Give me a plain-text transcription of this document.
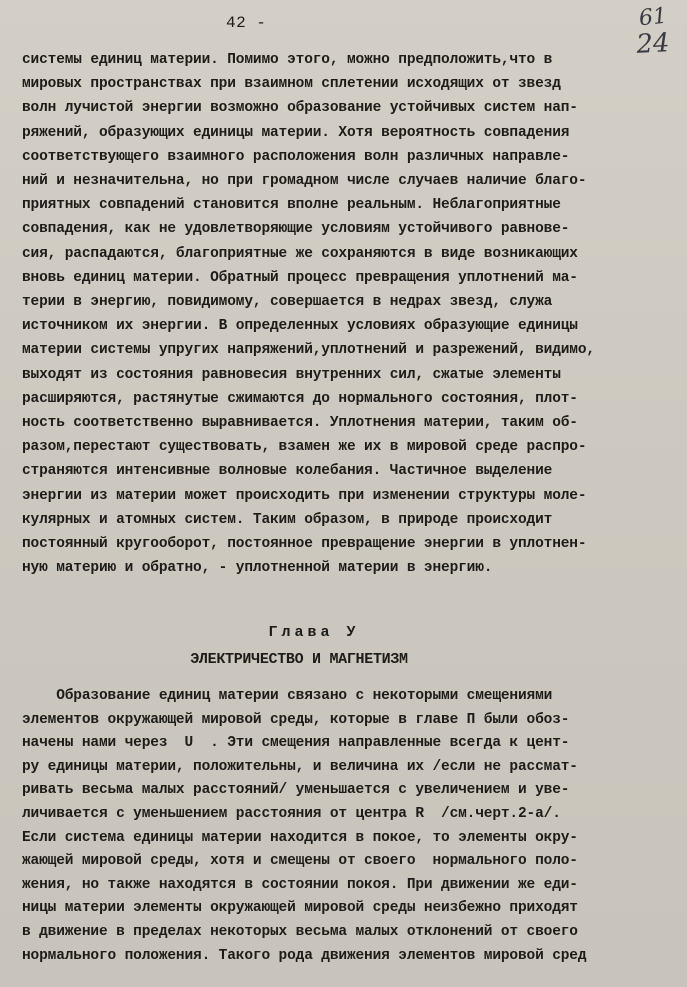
42 -	61
24
системы единиц материи. Помимо этого, можно предположить,что в
мировых пространствах при взаимном сплетении исходящих от звезд
волн лучистой энергии возможно образование устойчивых систем нап-
ряжений, образующих единицы материи. Хотя вероятность совпадения
соответствующего взаимного расположения волн различных направле-
ний и незначительна, но при громадном числе случаев наличие благо-
приятных совпадений становится вполне реальным. Неблагоприятные
совпадения, как не удовлетворяющие условиям устойчивого равнове-
сия, распадаются, благоприятные же сохраняются в виде возникающих
вновь единиц материи. Обратный процесс превращения уплотнений ма-
терии в энергию, повидимому, совершается в недрах звезд, служа
источником их энергии. В определенных условиях образующие единицы
материи системы упругих напряжений,уплотнений и разрежений, видимо,
выходят из состояния равновесия внутренних сил, сжатые элементы
расширяются, растянутые сжимаются до нормального состояния, плот-
ность соответственно выравнивается. Уплотнения материи, таким об-
разом,перестают существовать, взамен же их в мировой среде распро-
страняются интенсивные волновые колебания. Частичное выделение
энергии из материи может происходить при изменении структуры моле-
кулярных и атомных систем. Таким образом, в природе происходит
постоянный кругооборот, постоянное превращение энергии в уплотнен-
ную материю и обратно, - уплотненной материи в энергию.
Глава У
ЭЛЕКТРИЧЕСТВО И МАГНЕТИЗМ
Образование единиц материи связано с некоторыми смещениями
элементов окружающей мировой среды, которые в главе П были обоз-
начены нами через  U  . Эти смещения направленные всегда к цент-
ру единицы материи, положительны, и величина их /если не рассмат-
ривать весьма малых расстояний/ уменьшается с увеличением и уве-
личивается с уменьшением расстояния от центра R  /см.черт.2-а/.
Если система единицы материи находится в покое, то элементы окру-
жающей мировой среды, хотя и смещены от своего  нормального поло-
жения, но также находятся в состоянии покоя. При движении же еди-
ницы материи элементы окружающей мировой среды неизбежно приходят
в движение в пределах некоторых весьма малых отклонений от своего
нормального положения. Такого рода движения элементов мировой сред
